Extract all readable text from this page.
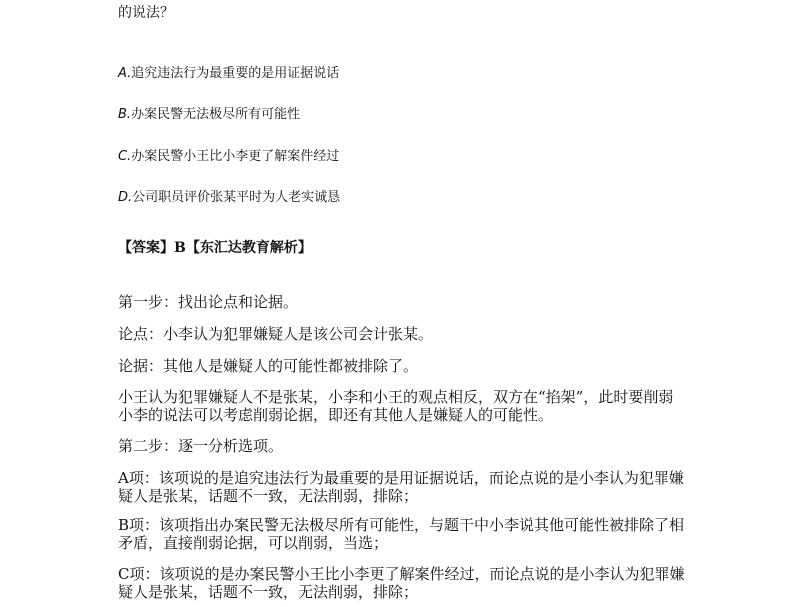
的说法？
A.追究违法行为最重要的是用证据说话
B.办案民警无法极尽所有可能性
C.办案民警小王比小李更了解案件经过
D.公司职员评价张某平时为人老实诚恳
【答案】B【东汇达教育解析】
第一步：找出论点和论据。
论点：小李认为犯罪嫌疑人是该公司会计张某。
论据：其他人是嫌疑人的可能性都被排除了。
小王认为犯罪嫌疑人不是张某，小李和小王的观点相反，双方在“掐架”，此时要削弱小李的说法可以考虑削弱论据，即还有其他人是嫌疑人的可能性。
第二步：逐一分析选项。
A项：该项说的是追究违法行为最重要的是用证据说话，而论点说的是小李认为犯罪嫌疑人是张某，话题不一致，无法削弱，排除；
B项：该项指出办案民警无法极尽所有可能性，与题干中小李说其他可能性被排除了相矛盾，直接削弱论据，可以削弱，当选；
C项：该项说的是办案民警小王比小李更了解案件经过，而论点说的是小李认为犯罪嫌疑人是张某，话题不一致，无法削弱，排除；
